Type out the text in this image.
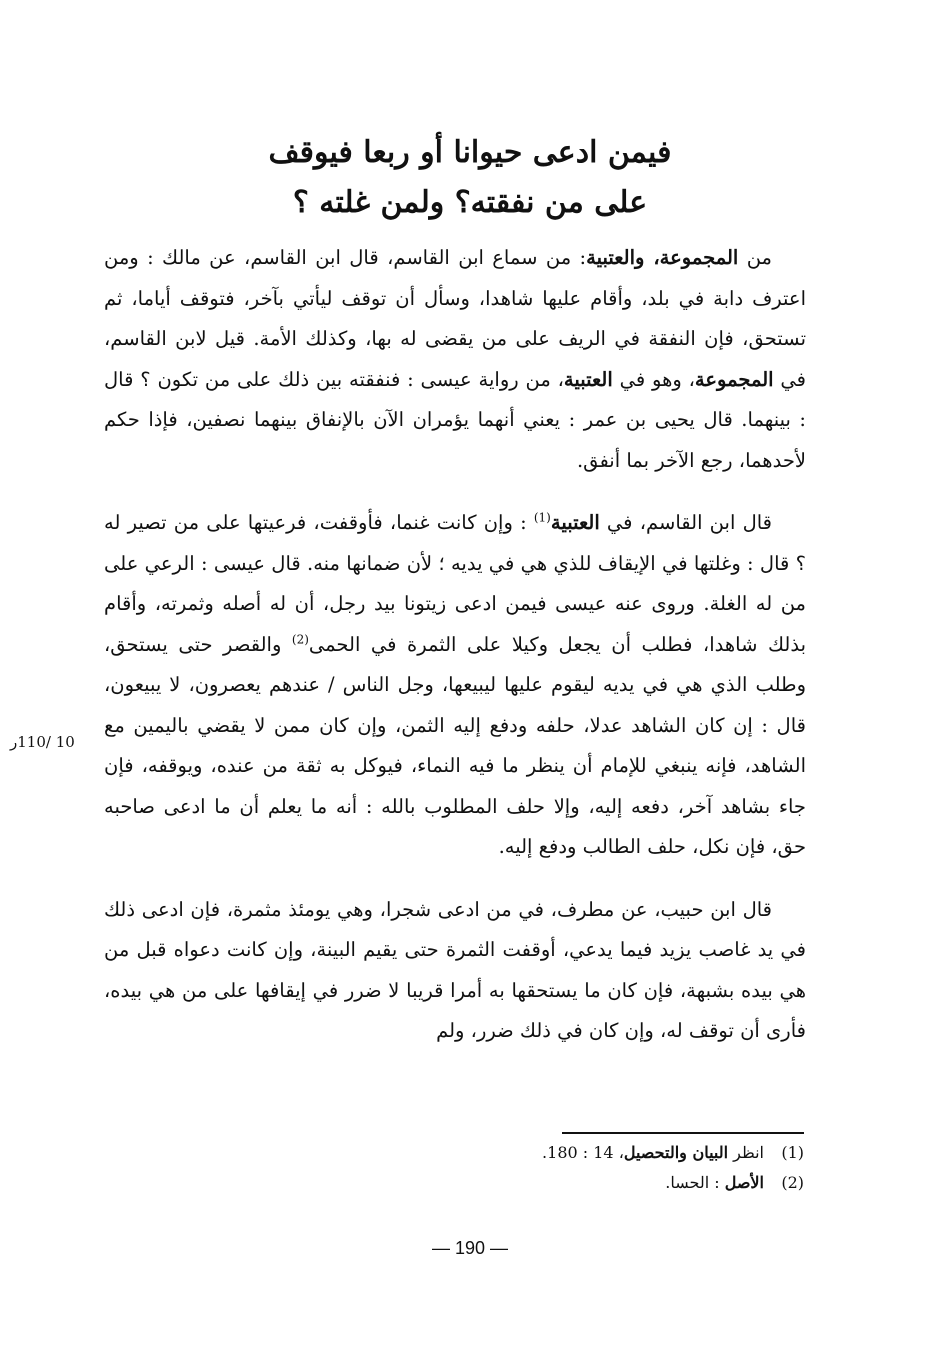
فيمن ادعى حيوانا أو ربعا فيوقف
على من نفقته؟ ولمن غلته ؟

من المجموعة، والعتبية: من سماع ابن القاسم، قال ابن القاسم، عن مالك : ومن اعترف دابة في بلد، وأقام عليها شاهدا، وسأل أن توقف ليأتي بآخر، فتوقف أياما، ثم تستحق، فإن النفقة في الريف على من يقضى له بها، وكذلك الأمة. قيل لابن القاسم، في المجموعة، وهو في العتبية، من رواية عيسى : فنفقته بين ذلك على من تكون ؟ قال : بينهما. قال يحيى بن عمر : يعني أنهما يؤمران الآن بالإنفاق بينهما نصفين، فإذا حكم لأحدهما، رجع الآخر بما أنفق.

قال ابن القاسم، في العتبية$^{(1)}$ : وإن كانت غنما، فأوقفت، فرعيتها على من تصير له ؟ قال : وغلتها في الإيقاف للذي هي في يديه ؛ لأن ضمانها منه. قال عيسى : الرعي على من له الغلة. وروى عنه عيسى فيمن ادعى زيتونا بيد رجل، أن له أصله وثمرته، وأقام بذلك شاهدا، فطلب أن يجعل وكيلا على الثمرة في الحمى$^{(2)}$ والقصر حتى يستحق، وطلب الذي هي في يديه ليقوم عليها ليبيعها، وجل الناس / عندهم يعصرون، لا يبيعون، قال : إن كان الشاهد عدلا، حلفه ودفع إليه الثمن، وإن كان ممن لا يقضي باليمين مع الشاهد، فإنه ينبغي للإمام أن ينظر ما فيه النماء، فيوكل به ثقة من عنده، ويوقفه، فإن جاء بشاهد آخر، دفعه إليه، وإلا حلف المطلوب بالله : أنه ما يعلم أن ما ادعى صاحبه حق، فإن نكل، حلف الطالب ودفع إليه.

قال ابن حبيب، عن مطرف، في من ادعى شجرا، وهي يومئذ مثمرة، فإن ادعى ذلك في يد غاصب يزيد فيما يدعي، أوقفت الثمرة حتى يقيم البينة، وإن كانت دعواه قبل من هي بيده بشبهة، فإن كان ما يستحقها به أمرا قريبا لا ضرر في إيقافها على من هي بيده، فأرى أن توقف له، وإن كان في ذلك ضرر، ولم

10 /110ر
(1)انظر البيان والتحصيل، 14 : 180.
(2)الأصل : الحسا.
— 190 —
